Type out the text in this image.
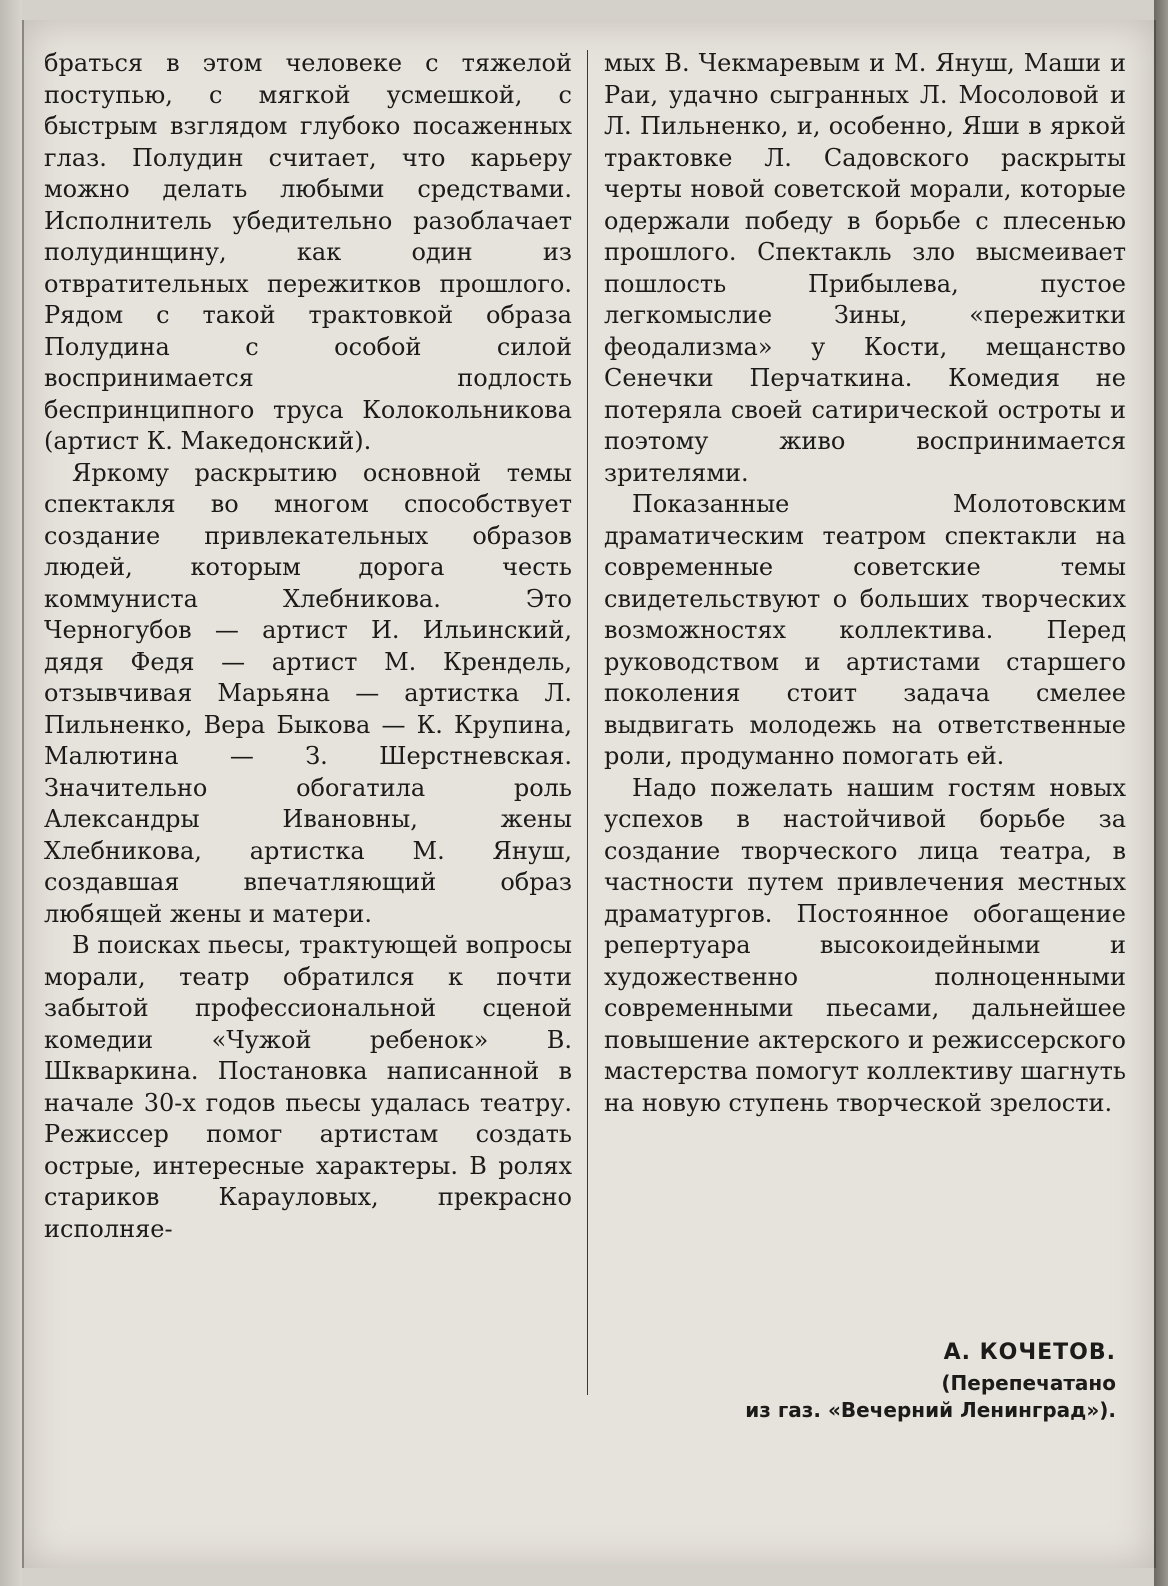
браться в этом человеке с тяжелой поступью, с мягкой усмешкой, с быстрым взглядом глубоко посаженных глаз. Полудин считает, что карьеру можно делать любыми средствами. Исполнитель убедительно разоблачает полудинщину, как один из отвратительных пережитков прошлого. Рядом с такой трактовкой образа Полудина с особой силой воспринимается подлость беспринципного труса Колокольникова (артист К. Македонский).

Яркому раскрытию основной темы спектакля во многом способствует создание привлекательных образов людей, которым дорога честь коммуниста Хлебникова. Это Черногубов — артист И. Ильинский, дядя Федя — артист М. Крендель, отзывчивая Марьяна — артистка Л. Пильненко, Вера Быкова — К. Крупина, Малютина — З. Шерстневская. Значительно обогатила роль Александры Ивановны, жены Хлебникова, артистка М. Януш, создавшая впечатляющий образ любящей жены и матери.

В поисках пьесы, трактующей вопросы морали, театр обратился к почти забытой профессиональной сценой комедии «Чужой ребенок» В. Шкваркина. Постановка написанной в начале 30-х годов пьесы удалась театру. Режиссер помог артистам создать острые, интересные характеры. В ролях стариков Карауловых, прекрасно исполняе-

мых В. Чекмаревым и М. Януш, Маши и Раи, удачно сыгранных Л. Мосоловой и Л. Пильненко, и, особенно, Яши в яркой трактовке Л. Садовского раскрыты черты новой советской морали, которые одержали победу в борьбе с плесенью прошлого. Спектакль зло высмеивает пошлость Прибылева, пустое легкомыслие Зины, «пережитки феодализма» у Кости, мещанство Сенечки Перчаткина. Комедия не потеряла своей сатирической остроты и поэтому живо воспринимается зрителями.

Показанные Молотовским драматическим театром спектакли на современные советские темы свидетельствуют о больших творческих возможностях коллектива. Перед руководством и артистами старшего поколения стоит задача смелее выдвигать молодежь на ответственные роли, продуманно помогать ей.

Надо пожелать нашим гостям новых успехов в настойчивой борьбе за создание творческого лица театра, в частности путем привлечения местных драматургов. Постоянное обогащение репертуара высокоидейными и художественно полноценными современными пьесами, дальнейшее повышение актерского и режиссерского мастерства помогут коллективу шагнуть на новую ступень творческой зрелости.

А. КОЧЕТОВ.
(Перепечатано
из газ. «Вечерний Ленинград»).
